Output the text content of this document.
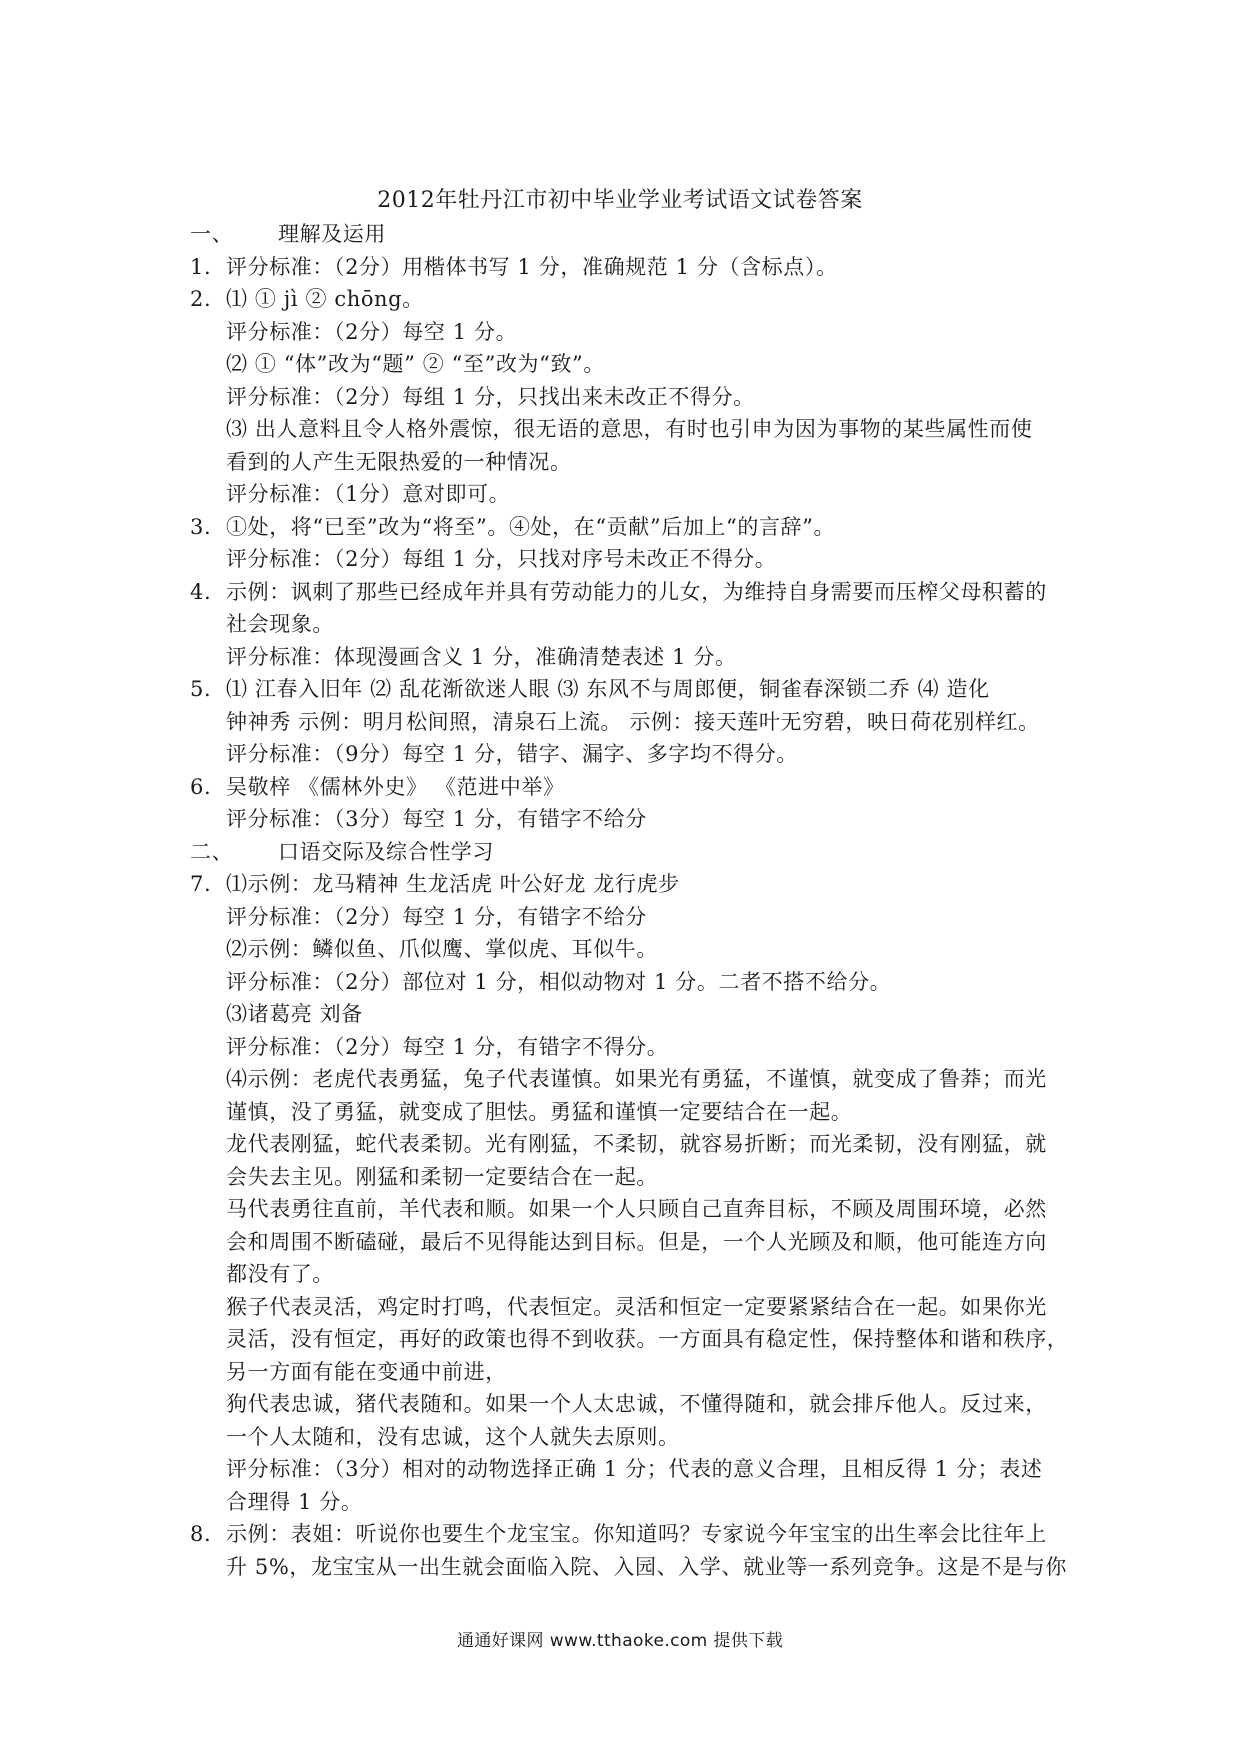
2012年牡丹江市初中毕业学业考试语文试卷答案
一、 理解及运用
1. 评分标准：（2分）用楷体书写 1 分，准确规范 1 分（含标点）。
2. ⑴ ① jì ② chōng。
评分标准：（2分）每空 1 分。
⑵ ① “体”改为“题” ② “至”改为“致”。
评分标准：（2分）每组 1 分，只找出来未改正不得分。
⑶ 出人意料且令人格外震惊，很无语的意思，有时也引申为因为事物的某些属性而使
看到的人产生无限热爱的一种情况。
评分标准：（1分）意对即可。
3. ①处，将“已至”改为“将至”。④处，在“贡献”后加上“的言辞”。
评分标准：（2分）每组 1 分，只找对序号未改正不得分。
4. 示例：讽刺了那些已经成年并具有劳动能力的儿女，为维持自身需要而压榨父母积蓄的
社会现象。
评分标准：体现漫画含义 1 分，准确清楚表述 1 分。
5. ⑴ 江春入旧年 ⑵ 乱花渐欲迷人眼 ⑶ 东风不与周郎便，铜雀春深锁二乔 ⑷ 造化
钟神秀 示例：明月松间照，清泉石上流。 示例：接天莲叶无穷碧，映日荷花别样红。
评分标准：（9分）每空 1 分，错字、漏字、多字均不得分。
6. 吴敬梓 《儒林外史》 《范进中举》
评分标准：（3分）每空 1 分，有错字不给分
二、 口语交际及综合性学习
7. ⑴示例：龙马精神 生龙活虎 叶公好龙 龙行虎步
评分标准：（2分）每空 1 分，有错字不给分
⑵示例：鳞似鱼、爪似鹰、掌似虎、耳似牛。
评分标准：（2分）部位对 1 分，相似动物对 1 分。二者不搭不给分。
⑶诸葛亮 刘备
评分标准：（2分）每空 1 分，有错字不得分。
⑷示例：老虎代表勇猛，兔子代表谨慎。如果光有勇猛，不谨慎，就变成了鲁莽；而光
谨慎，没了勇猛，就变成了胆怯。勇猛和谨慎一定要结合在一起。
龙代表刚猛，蛇代表柔韧。光有刚猛，不柔韧，就容易折断；而光柔韧，没有刚猛，就
会失去主见。刚猛和柔韧一定要结合在一起。
马代表勇往直前，羊代表和顺。如果一个人只顾自己直奔目标，不顾及周围环境，必然
会和周围不断磕碰，最后不见得能达到目标。但是，一个人光顾及和顺，他可能连方向
都没有了。
猴子代表灵活，鸡定时打鸣，代表恒定。灵活和恒定一定要紧紧结合在一起。如果你光
灵活，没有恒定，再好的政策也得不到收获。一方面具有稳定性，保持整体和谐和秩序，
另一方面有能在变通中前进，
狗代表忠诚，猪代表随和。如果一个人太忠诚，不懂得随和，就会排斥他人。反过来，
一个人太随和，没有忠诚，这个人就失去原则。
评分标准：（3分）相对的动物选择正确 1 分；代表的意义合理，且相反得 1 分；表述
合理得 1 分。
8. 示例：表姐：听说你也要生个龙宝宝。你知道吗？专家说今年宝宝的出生率会比往年上
升 5%，龙宝宝从一出生就会面临入院、入园、入学、就业等一系列竞争。这是不是与你
通通好课网 www.tthaoke.com 提供下载
